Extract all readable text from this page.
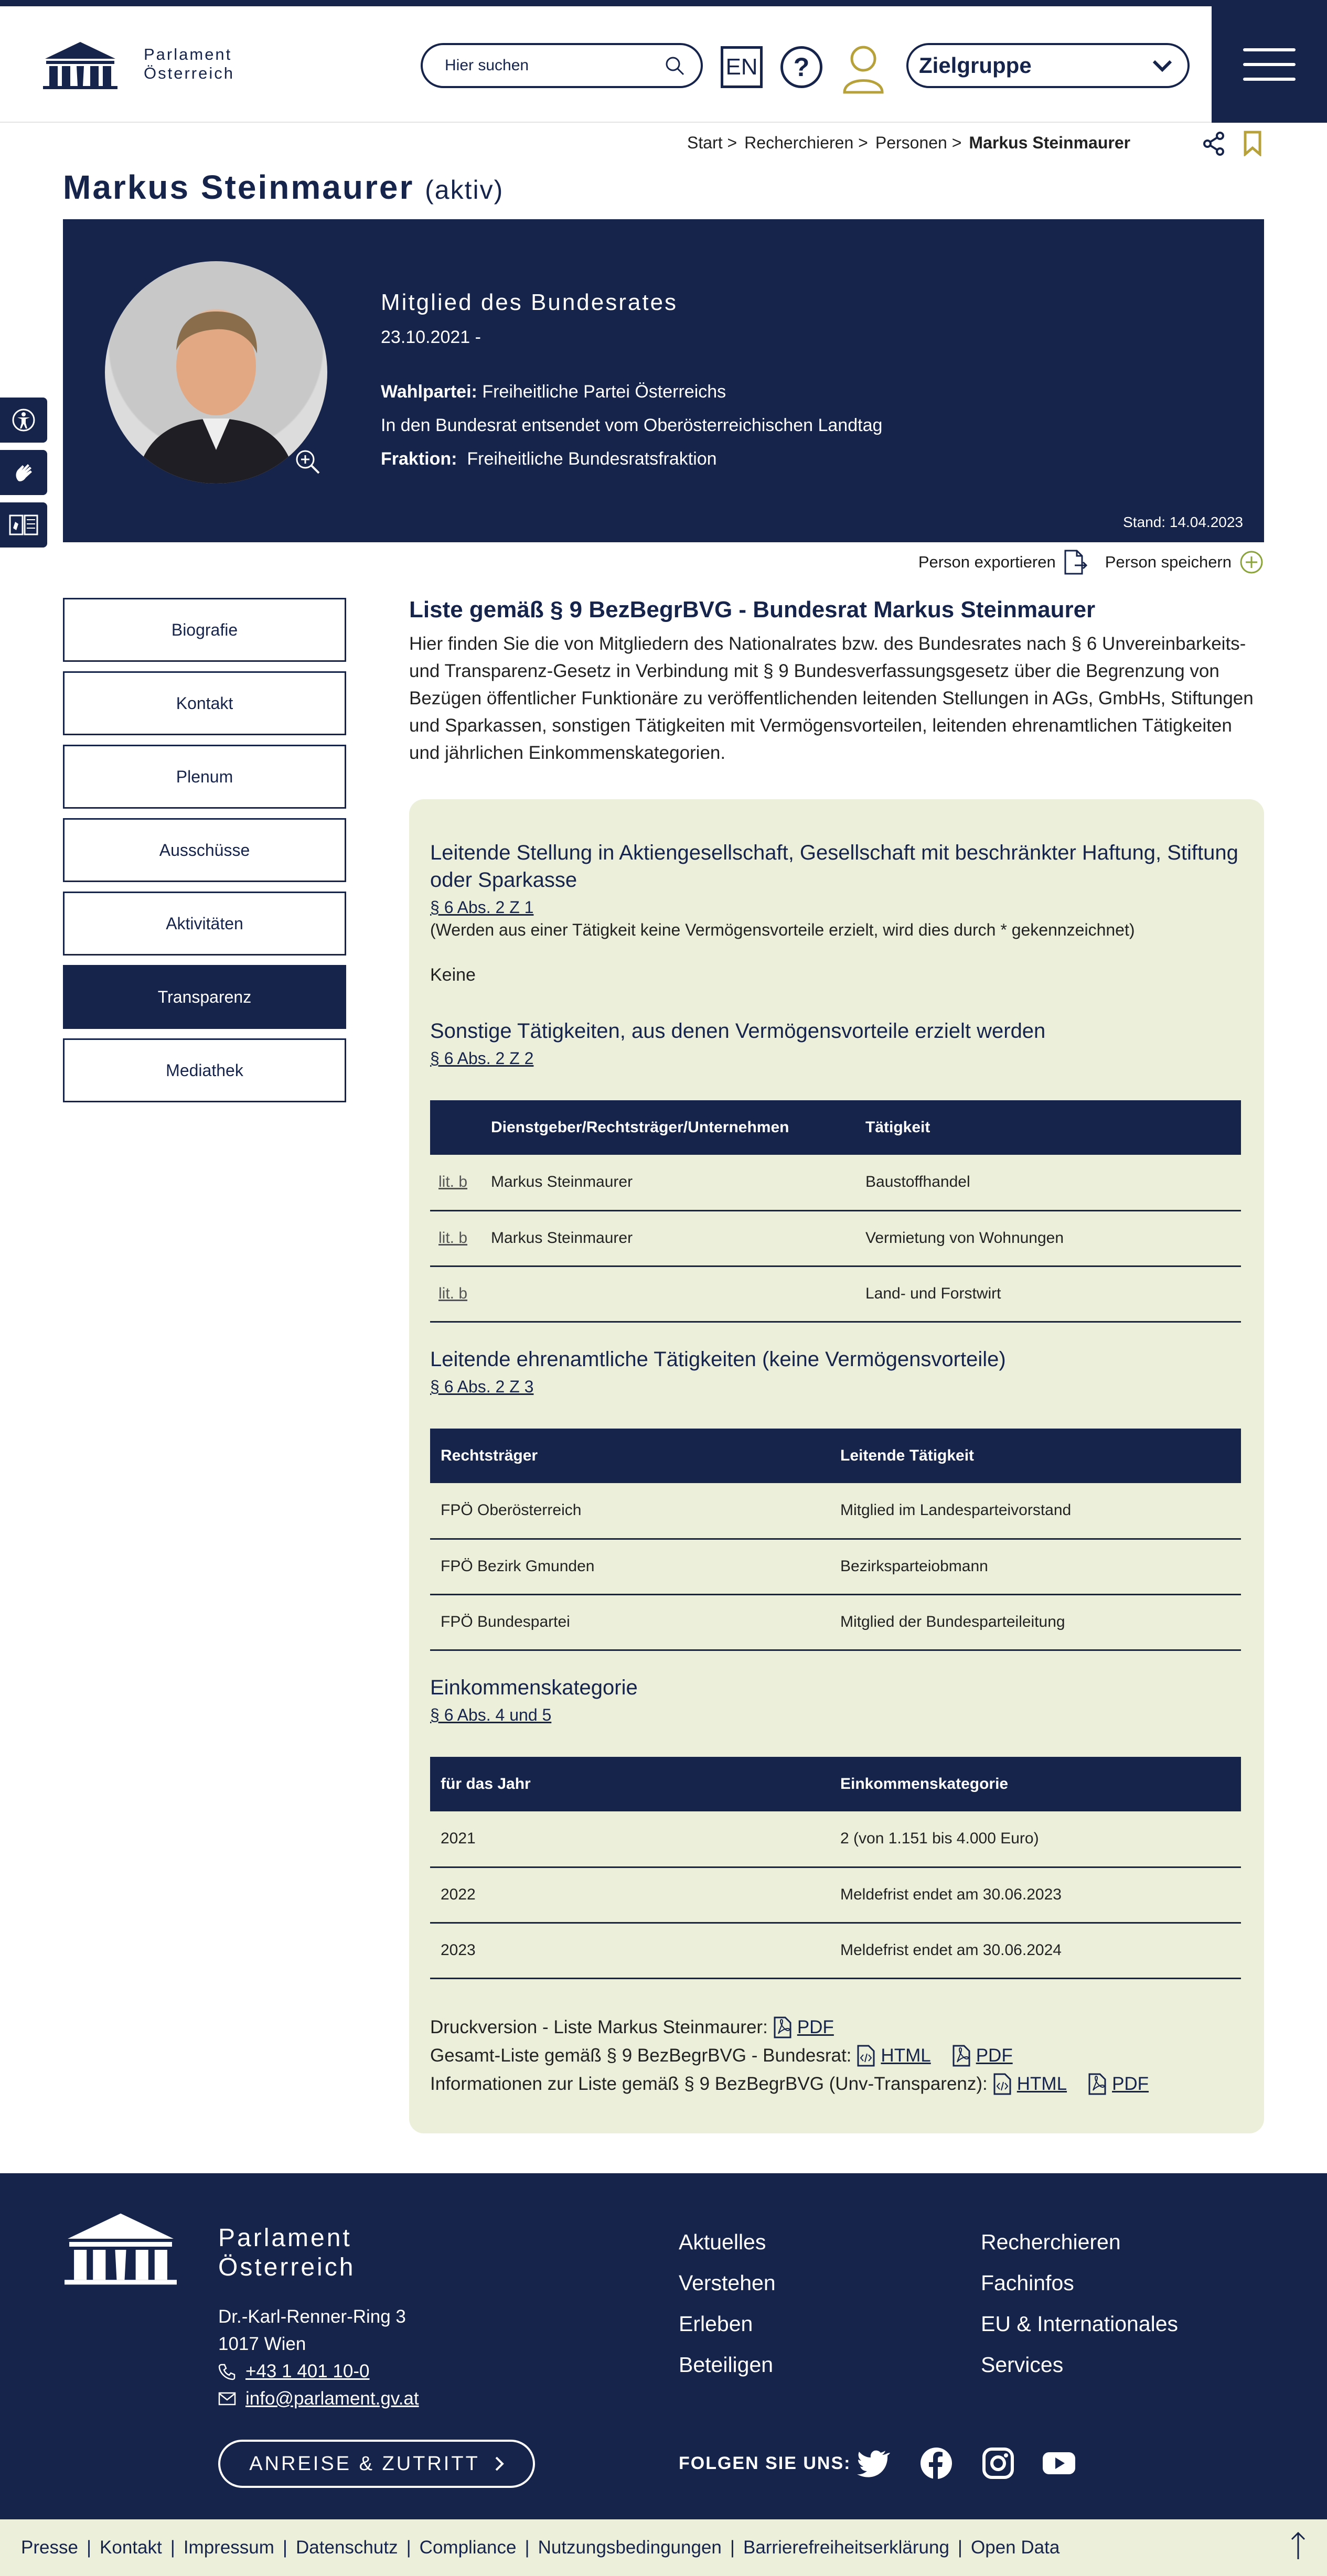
Parlament
Österreich
Hier suchen	EN	?	Zielgruppe
Start > Recherchieren > Personen > Markus Steinmaurer
Markus Steinmaurer (aktiv)
Mitglied des Bundesrates
23.10.2021 -
Wahlpartei: Freiheitliche Partei Österreichs
In den Bundesrat entsendet vom Oberösterreichischen Landtag
Fraktion: Freiheitliche Bundesratsfraktion
Stand: 14.04.2023
Person exportieren	Person speichern
Biografie
Kontakt
Plenum
Ausschüsse
Aktivitäten
Transparenz
Mediathek
Liste gemäß § 9 BezBegrBVG - Bundesrat Markus Steinmaurer

Hier finden Sie die von Mitgliedern des Nationalrates bzw. des Bundesrates nach § 6 Unvereinbarkeits- und Transparenz-Gesetz in Verbindung mit § 9 Bundesverfassungsgesetz über die Begrenzung von Bezügen öffentlicher Funktionäre zu veröffentlichenden leitenden Stellungen in AGs, GmbHs, Stiftungen und Sparkassen, sonstigen Tätigkeiten mit Vermögensvorteilen, leitenden ehrenamtlichen Tätigkeiten und jährlichen Einkommenskategorien.

Leitende Stellung in Aktiengesellschaft, Gesellschaft mit beschränkter Haftung, Stiftung oder Sparkasse
§ 6 Abs. 2 Z 1
(Werden aus einer Tätigkeit keine Vermögensvorteile erzielt, wird dies durch * gekennzeichnet)
Keine
Sonstige Tätigkeiten, aus denen Vermögensvorteile erzielt werden
§ 6 Abs. 2 Z 2
	Dienstgeber/Rechtsträger/Unternehmen	Tätigkeit
lit. b	Markus Steinmaurer	Baustoffhandel
lit. b	Markus Steinmaurer	Vermietung von Wohnungen
lit. b		Land- und Forstwirt
Leitende ehrenamtliche Tätigkeiten (keine Vermögensvorteile)
§ 6 Abs. 2 Z 3
Rechtsträger	Leitende Tätigkeit
FPÖ Oberösterreich	Mitglied im Landesparteivorstand
FPÖ Bezirk Gmunden	Bezirksparteiobmann
FPÖ Bundespartei	Mitglied der Bundesparteileitung
Einkommenskategorie
§ 6 Abs. 4 und 5
für das Jahr	Einkommenskategorie
2021	2 (von 1.151 bis 4.000 Euro)
2022	Meldefrist endet am 30.06.2023
2023	Meldefrist endet am 30.06.2024
Druckversion - Liste Markus Steinmaurer: PDF
Gesamt-Liste gemäß § 9 BezBegrBVG - Bundesrat: HTML PDF
Informationen zur Liste gemäß § 9 BezBegrBVG (Unv-Transparenz): HTML PDF
Parlament
Österreich
Dr.-Karl-Renner-Ring 3
1017 Wien
+43 1 401 10-0
info@parlament.gv.at
ANREISE & ZUTRITT
Aktuelles
Verstehen
Erleben
Beteiligen
Recherchieren
Fachinfos
EU & Internationales
Services
FOLGEN SIE UNS:
Presse | Kontakt | Impressum | Datenschutz | Compliance | Nutzungsbedingungen | Barrierefreiheitserklärung | Open Data
